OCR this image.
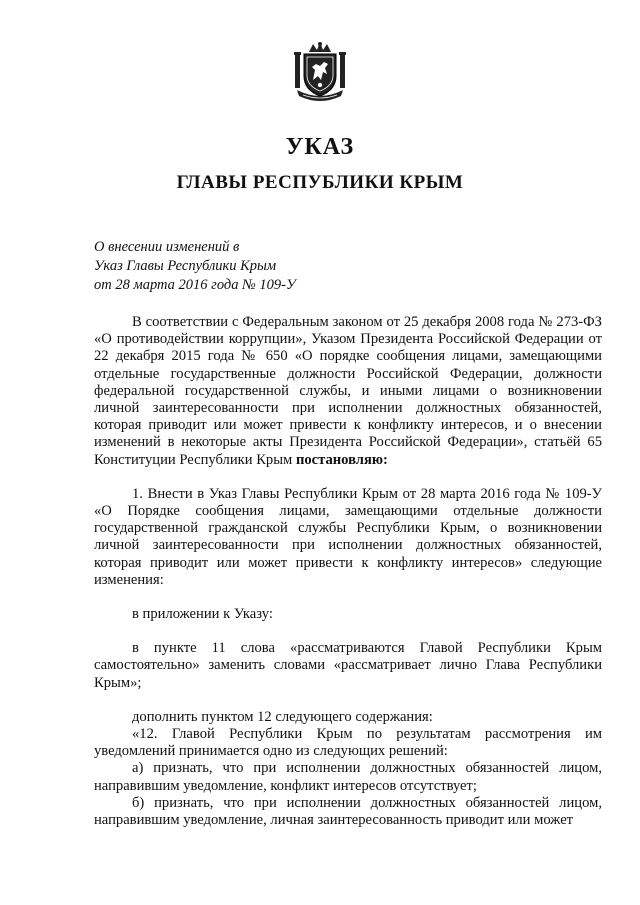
УКАЗ
ГЛАВЫ РЕСПУБЛИКИ КРЫМ
О внесении изменений в
Указ Главы Республики Крым
от 28 марта 2016 года № 109-У

В соответствии с Федеральным законом от 25 декабря 2008 года № 273-ФЗ «О противодействии коррупции», Указом Президента Российской Федерации от 22 декабря 2015 года № 650 «О порядке сообщения лицами, замещающими отдельные государственные должности Российской Федерации, должности федеральной государственной службы, и иными лицами о возникновении личной заинтересованности при исполнении должностных обязанностей, которая приводит или может привести к конфликту интересов, и о внесении изменений в некоторые акты Президента Российской Федерации», статьёй 65 Конституции Республики Крым постановляю:

1. Внести в Указ Главы Республики Крым от 28 марта 2016 года № 109-У «О Порядке сообщения лицами, замещающими отдельные должности государственной гражданской службы Республики Крым, о возникновении личной заинтересованности при исполнении должностных обязанностей, которая приводит или может привести к конфликту интересов» следующие изменения:

в приложении к Указу:

в пункте 11 слова «рассматриваются Главой Республики Крым самостоятельно» заменить словами «рассматривает лично Глава Республики Крым»;

дополнить пунктом 12 следующего содержания:

«12. Главой Республики Крым по результатам рассмотрения им уведомлений принимается одно из следующих решений:

а) признать, что при исполнении должностных обязанностей лицом, направившим уведомление, конфликт интересов отсутствует;

б) признать, что при исполнении должностных обязанностей лицом, направившим уведомление, личная заинтересованность приводит или может
